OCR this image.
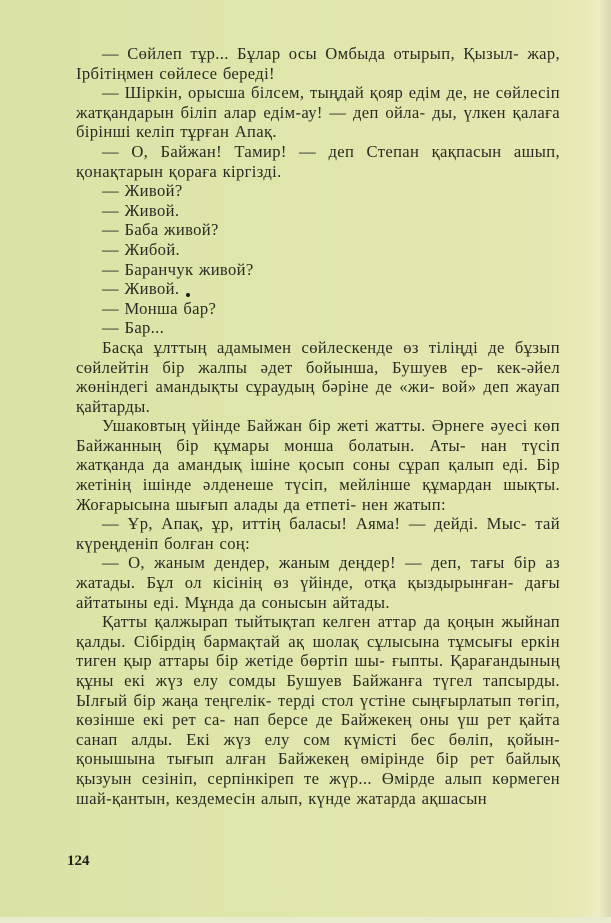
— Сөйлеп тұр... Бұлар осы Омбыда отырып, Қызыл- жар, Ірбітіңмен сөйлесе береді!

— Шіркін, орысша білсем, тыңдай қояр едім де, не сөйлесіп жатқандарын біліп алар едім-ау! — деп ойла- ды, үлкен қалаға бірінші келіп тұрған Апақ.

— О, Байжан! Тамир! — деп Степан қақпасын ашып, қонақтарын қораға кіргізді.

— Живой?

— Живой.

— Баба живой?

— Жибой.

— Баранчук живой?

— Живой.

— Монша бар?

— Бар...

Басқа ұлттың адамымен сөйлескенде өз тіліңді де бұзып сөйлейтін бір жалпы әдет бойынша, Бушуев ер- кек-әйел жөніндегі амандықты сұраудың бәріне де «жи- вой» деп жауап қайтарды.

Ушаковтың үйінде Байжан бір жеті жатты. Әрнеге әуесі көп Байжанның бір құмары монша болатын. Аты- нан түсіп жатқанда да амандық ішіне қосып соны сұрап қалып еді. Бір жетінің ішінде әлденеше түсіп, мейлінше құмардан шықты. Жоғарысына шығып алады да етпеті- нен жатып:

— Ұр, Апақ, ұр, иттің баласы! Аяма! — дейді. Мыс- тай күреңденіп болған соң:

— О, жаным дендер, жаным деңдер! — деп, тағы бір аз жатады. Бұл ол кісінің өз үйінде, отқа қыздырынған- дағы айтатыны еді. Мұнда да сонысын айтады.

Қатты қалжырап тыйтықтап келген аттар да қоңын жыйнап қалды. Сібірдің бармақтай ақ шолақ сұлысына тұмсығы еркін тиген қыр аттары бір жетіде бөртіп шы- ғыпты. Қарағандының құны екі жүз елу сомды Бушуев Байжанға түгел тапсырды. Ылғый бір жаңа теңгелік- терді стол үстіне сыңғырлатып төгіп, көзінше екі рет са- нап берсе де Байжекең оны үш рет қайта санап алды. Екі жүз елу сом күмісті бес бөліп, қойын-қонышына тығып алған Байжекең өмірінде бір рет байлық қызуын сезініп, серпінкіреп те жүр... Өмірде алып көрмеген шай-қантын, кездемесін алып, күнде жатарда ақшасын

124
